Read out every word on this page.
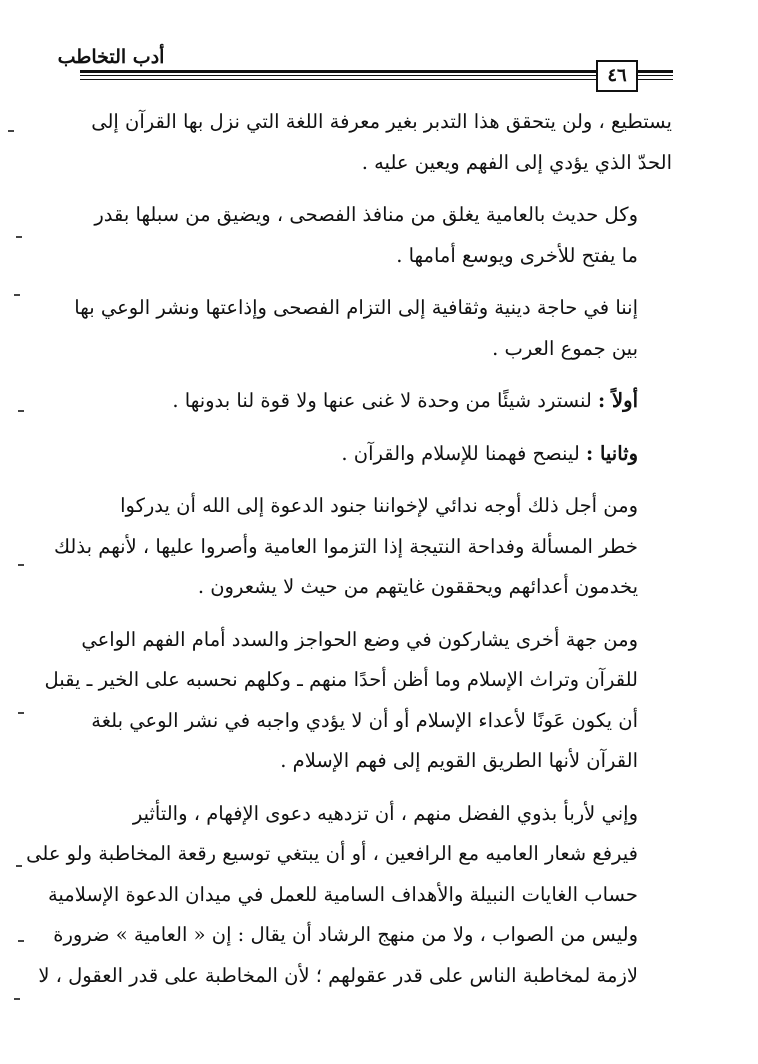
أدب التخاطب
٤٦

يستطيع ، ولن يتحقق هذا التدبر بغير معرفة اللغة التي نزل بها القرآن إلى
الحدّ الذي يؤدي إلى الفهم ويعين عليه .

وكل حديث بالعامية يغلق من منافذ الفصحى ، ويضيق من سبلها بقدر
ما يفتح للأخرى ويوسع أمامها .

إننا في حاجة دينية وثقافية إلى التزام الفصحى وإذاعتها ونشر الوعي بها
بين جموع العرب .

أولاً : لنسترد شيئًا من وحدة لا غنى عنها ولا قوة لنا بدونها .

وثانيا : لينصح فهمنا للإسلام والقرآن .

ومن أجل ذلك أوجه ندائي لإخواننا جنود الدعوة إلى الله أن يدركوا
خطر المسألة وفداحة النتيجة إذا التزموا العامية وأصروا عليها ، لأنهم بذلك
يخدمون أعدائهم ويحققون غايتهم من حيث لا يشعرون .

ومن جهة أخرى يشاركون في وضع الحواجز والسدد أمام الفهم الواعي
للقرآن وتراث الإسلام وما أظن أحدًا منهم ـ وكلهم نحسبه على الخير ـ يقبل
أن يكون عَونًا لأعداء الإسلام أو أن لا يؤدي واجبه في نشر الوعي بلغة
القرآن لأنها الطريق القويم إلى فهم الإسلام .

وإني لأربأ بذوي الفضل منهم ، أن تزدهيه دعوى الإفهام ، والتأثير
فيرفع شعار العاميه مع الرافعين ، أو أن يبتغي توسيع رقعة المخاطبة ولو على
حساب الغايات النبيلة والأهداف السامية للعمل في ميدان الدعوة الإسلامية
وليس من الصواب ، ولا من منهج الرشاد أن يقال : إن « العامية » ضرورة
لازمة لمخاطبة الناس على قدر عقولهم ؛ لأن المخاطبة على قدر العقول ، لا
